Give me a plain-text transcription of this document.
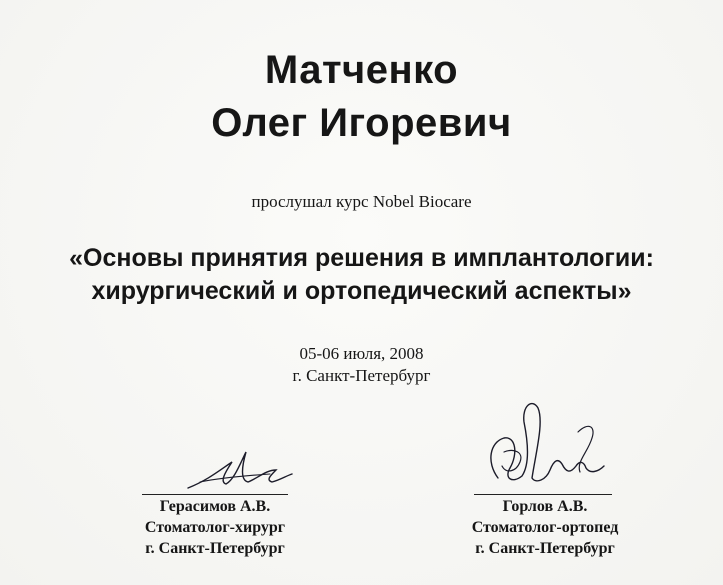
Матченко
Олег Игоревич
прослушал курс Nobel Biocare
«Основы принятия решения в имплантологии:
хирургический и ортопедический аспекты»
05-06 июля, 2008
г. Санкт-Петербург
Герасимов А.В.
Стоматолог-хирург
г. Санкт-Петербург
Горлов А.В.
Стоматолог-ортопед
г. Санкт-Петербург
